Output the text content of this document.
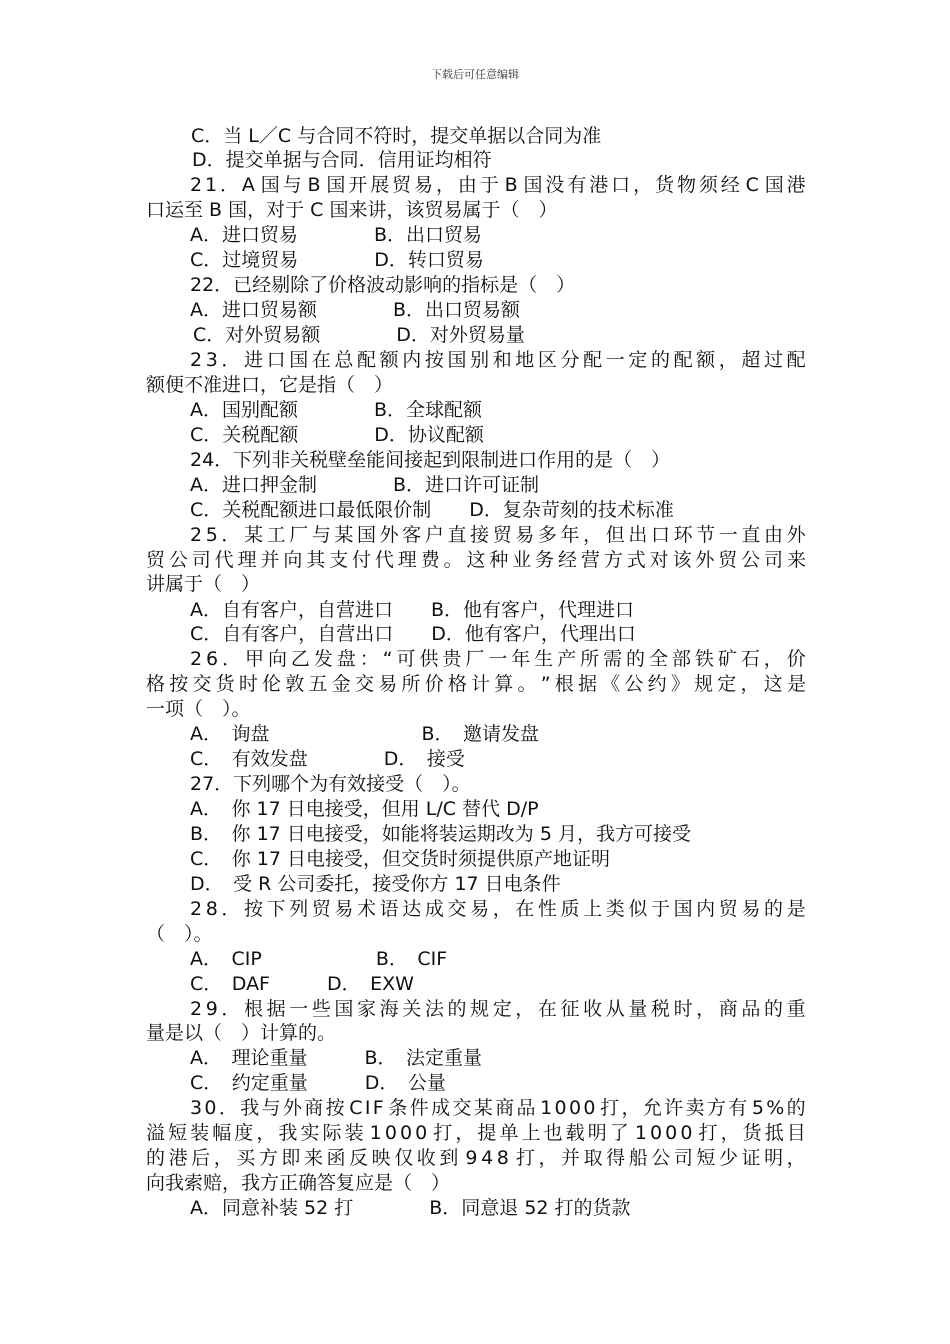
下载后可任意编辑
C．当 L／C 与合同不符时，提交单据以合同为准
D．提交单据与合同．信用证均相符
2 1 ． A 国 与 B 国 开 展 贸 易 ， 由 于 B 国 没 有 港 口 ， 货 物 须 经 C 国 港
口运至 B 国，对于 C 国来讲，该贸易属于（　）
A．进口贸易　　　　B．出口贸易
C．过境贸易　　　　D．转口贸易
22．已经剔除了价格波动影响的指标是（　）
A．进口贸易额　　　　B．出口贸易额
C．对外贸易额　　　　D．对外贸易量
2 3 ． 进 口 国 在 总 配 额 内 按 国 别 和 地 区 分 配 一 定 的 配 额 ， 超 过 配
额便不准进口，它是指（　）
A．国别配额　　　　B．全球配额
C．关税配额　　　　D．协议配额
24．下列非关税壁垒能间接起到限制进口作用的是（　）
A．进口押金制　　　　B．进口许可证制
C．关税配额进口最低限价制　　D．复杂苛刻的技术标准
2 5 ． 某 工 厂 与 某 国 外 客 户 直 接 贸 易 多 年 ， 但 出 口 环 节 一 直 由 外
贸 公 司 代 理 并 向 其 支 付 代 理 费 。 这 种 业 务 经 营 方 式 对 该 外 贸 公 司 来
讲属于（　）
A．自有客户，自营进口　　B．他有客户，代理进口
C．自有客户，自营出口　　D．他有客户，代理出口
2 6 ． 甲 向 乙 发 盘 ： “ 可 供 贵 厂 一 年 生 产 所 需 的 全 部 铁 矿 石 ， 价
格 按 交 货 时 伦 敦 五 金 交 易 所 价 格 计 算 。 ” 根 据 《 公 约 》 规 定 ， 这 是
一项（　）。
A．　询盘　　　　　　　　B．　邀请发盘
C．　有效发盘　　　　D．　接受
27．下列哪个为有效接受（　）。
A．　你 17 日电接受，但用 L/C 替代 D/P
B．　你 17 日电接受，如能将装运期改为 5 月，我方可接受
C．　你 17 日电接受，但交货时须提供原产地证明
D．　受 R 公司委托，接受你方 17 日电条件
2 8 ． 按 下 列 贸 易 术 语 达 成 交 易 ， 在 性 质 上 类 似 于 国 内 贸 易 的 是
（　）。
A．　CIP　　　　　　B．　CIF
C．　DAF　　　D．　EXW
2 9 ． 根 据 一 些 国 家 海 关 法 的 规 定 ， 在 征 收 从 量 税 时 ， 商 品 的 重
量是以（　）计算的。
A．　理论重量　　　B．　法定重量
C．　约定重量　　　D．　公量
3 0 ． 我 与 外 商 按 C I F 条 件 成 交 某 商 品 1 0 0 0 打 ， 允 许 卖 方 有 5 % 的
溢 短 装 幅 度 ， 我 实 际 装 1 0 0 0 打 ， 提 单 上 也 载 明 了 1 0 0 0 打 ， 货 抵 目
的 港 后 ， 买 方 即 来 函 反 映 仅 收 到 9 4 8 打 ， 并 取 得 船 公 司 短 少 证 明 ，
向我索赔，我方正确答复应是（　）
A．同意补装 52 打　　　　B．同意退 52 打的货款
